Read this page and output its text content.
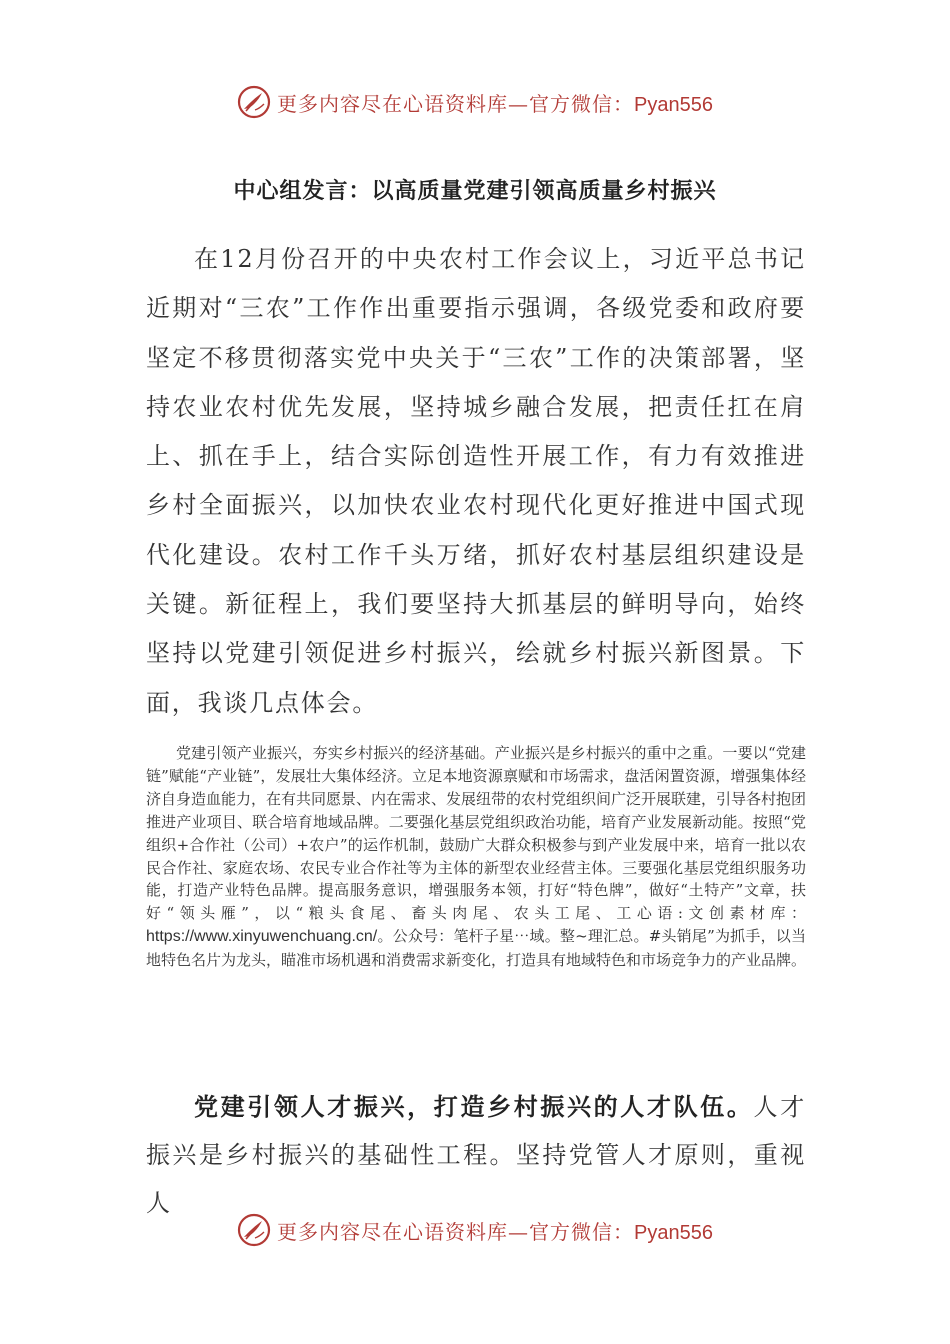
更多内容尽在心语资料库—官方微信：Pyan556
中心组发言：以高质量党建引领高质量乡村振兴

在12月份召开的中央农村工作会议上，习近平总书记近期对“三农”工作作出重要指示强调，各级党委和政府要坚定不移贯彻落实党中央关于“三农”工作的决策部署，坚持农业农村优先发展，坚持城乡融合发展，把责任扛在肩上、抓在手上，结合实际创造性开展工作，有力有效推进乡村全面振兴，以加快农业农村现代化更好推进中国式现代化建设。农村工作千头万绪，抓好农村基层组织建设是关键。新征程上，我们要坚持大抓基层的鲜明导向，始终坚持以党建引领促进乡村振兴，绘就乡村振兴新图景。下面，我谈几点体会。

党建引领产业振兴，夯实乡村振兴的经济基础。产业振兴是乡村振兴的重中之重。一要以“党建链”赋能“产业链”，发展壮大集体经济。立足本地资源禀赋和市场需求，盘活闲置资源，增强集体经济自身造血能力，在有共同愿景、内在需求、发展纽带的农村党组织间广泛开展联建，引导各村抱团推进产业项目、联合培育地域品牌。二要强化基层党组织政治功能，培育产业发展新动能。按照“党组织+合作社（公司）+农户”的运作机制，鼓励广大群众积极参与到产业发展中来，培育一批以农民合作社、家庭农场、农民专业合作社等为主体的新型农业经营主体。三要强化基层党组织服务功能，打造产业特色品牌。提高服务意识，增强服务本领，打好“特色牌”，做好“土特产”文章，扶好“领头雁”，以“粮头食尾、畜头肉尾、农头工尾、工心语:文创素材库：https://www.xinyuwenchuang.cn/。公众号：笔杆子星⋯域。整~理汇总。#头销尾”为抓手，以当地特色名片为龙头，瞄准市场机遇和消费需求新变化，打造具有地域特色和市场竞争力的产业品牌。

党建引领人才振兴，打造乡村振兴的人才队伍。人才振兴是乡村振兴的基础性工程。坚持党管人才原则，重视人

更多内容尽在心语资料库—官方微信：Pyan556
